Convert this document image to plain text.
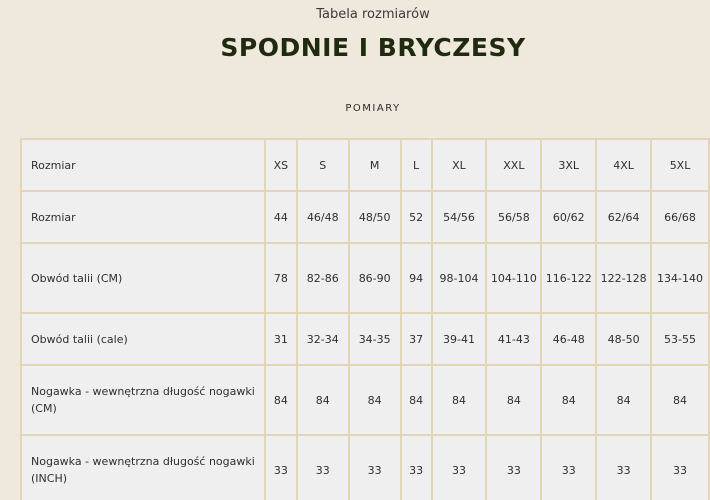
Tabela rozmiarów
SPODNIE I BRYCZESY
POMIARY
Rozmiar	XS	S	M	L	XL	XXL	3XL	4XL	5XL
Rozmiar	44	46/48	48/50	52	54/56	56/58	60/62	62/64	66/68
Obwód talii (CM)	78	82-86	86-90	94	98-104	104-110	116-122	122-128	134-140
Obwód talii (cale)	31	32-34	34-35	37	39-41	41-43	46-48	48-50	53-55
Nogawka - wewnętrzna długość nogawki (CM)	84	84	84	84	84	84	84	84	84
Nogawka - wewnętrzna długość nogawki (INCH)	33	33	33	33	33	33	33	33	33
